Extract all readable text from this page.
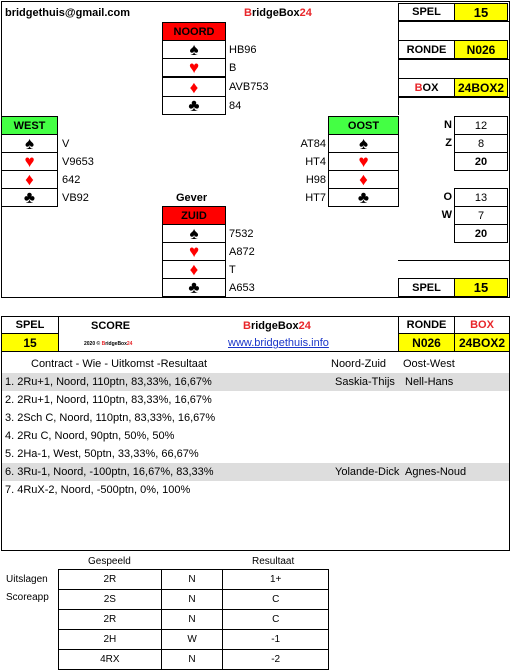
bridgethuis@gmail.com	BridgeBox24	SPEL	15
RONDE	N026
B OX	24BOX2
NOORD
♠	HB96
♥	B
♦	AVB753
♣	84
WEST
♠	V
♥	V9653
♦	642
♣	VB92
OOST
AT84	♠
HT4	♥
H98	♦
HT7	♣
N	12
Z	8
20
O	13
W	7
20
Gever
ZUID
♠	7532
♥	A872
♦	T
♣	A653	SPEL	15
SPEL
15
SCORE	BridgeBox24
2020 © BridgeBox24	www.bridgethuis.info
RONDE
N026
B OX
24BOX2
Contract - Wie - Uitkomst -Resultaat	Noord-Zuid Oost-West
1. 2Ru+1, Noord, 110ptn, 83,33%, 16,67%	Saskia-Thijs Nell-Hans
2. 2Ru+1, Noord, 110ptn, 83,33%, 16,67%
3. 2Sch C, Noord, 110ptn, 83,33%, 16,67%
4. 2Ru C, Noord, 90ptn, 50%, 50%
5. 2Ha-1, West, 50ptn, 33,33%, 66,67%
6. 3Ru-1, Noord, -100ptn, 16,67%, 83,33%	Yolande-Dick Agnes-Noud
7. 4RuX-2, Noord, -500ptn, 0%, 100%
Gespeeld	Resultaat
Uitslagen
Scoreapp
2R	N	1+
2S	N	C
2R	N	C
2H	W	-1
4RX	N	-2
